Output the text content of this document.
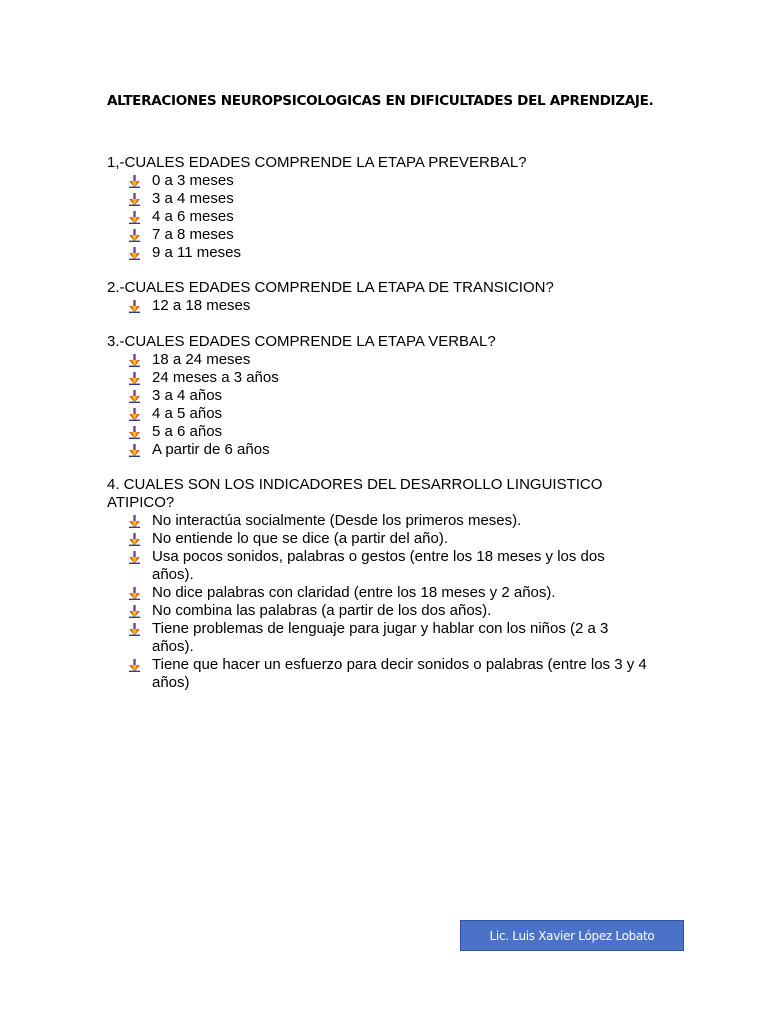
ALTERACIONES NEUROPSICOLOGICAS EN DIFICULTADES DEL APRENDIZAJE.

1,-CUALES EDADES COMPRENDE LA ETAPA PREVERBAL?

0 a 3 meses
3 a 4 meses
4 a 6 meses
7 a 8 meses
9 a 11 meses

2.-CUALES EDADES COMPRENDE LA ETAPA DE TRANSICION?

12 a 18 meses

3.-CUALES EDADES COMPRENDE LA ETAPA VERBAL?

18 a 24 meses
24 meses a 3 años
3 a 4 años
4 a 5 años
5 a 6 años
A partir de 6 años

4. CUALES SON LOS INDICADORES DEL DESARROLLO LINGUISTICO ATIPICO?

No interactúa socialmente (Desde los primeros meses).
No entiende lo que se dice (a partir del año).
Usa pocos sonidos, palabras o gestos (entre los 18 meses y los dos años).
No dice palabras con claridad (entre los 18 meses y 2 años).
No combina las palabras (a partir de los dos años).
Tiene problemas de lenguaje para jugar y hablar con los niños (2 a 3 años).
Tiene que hacer un esfuerzo para decir sonidos o palabras (entre los 3 y 4 años)
Lic. Luis Xavier López Lobato
